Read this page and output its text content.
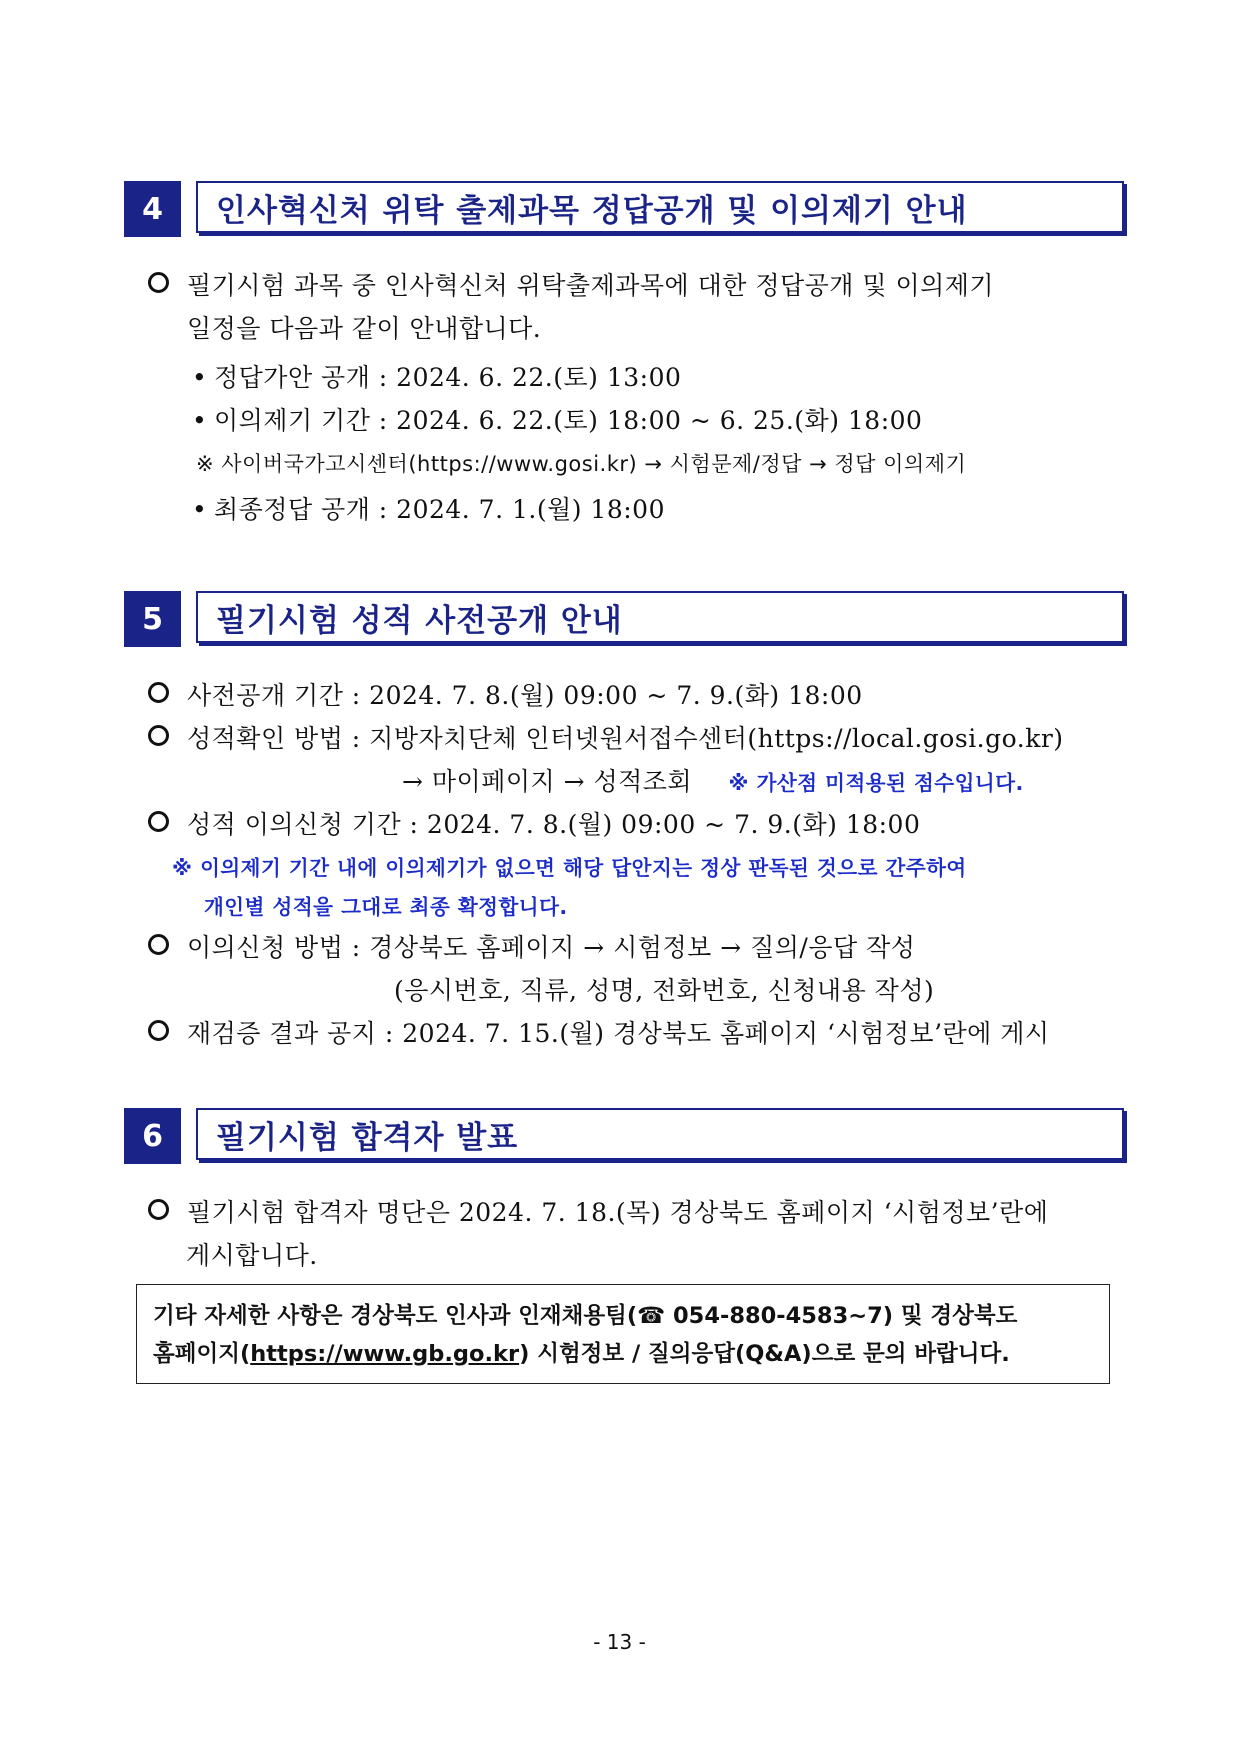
4	인사혁신처 위탁 출제과목 정답공개 및 이의제기 안내
필기시험 과목 중 인사혁신처 위탁출제과목에 대한 정답공개 및 이의제기
일정을 다음과 같이 안내합니다.
• 정답가안 공개 : 2024. 6. 22.(토) 13:00
• 이의제기 기간 : 2024. 6. 22.(토) 18:00 ~ 6. 25.(화) 18:00
※ 사이버국가고시센터(https://www.gosi.kr) → 시험문제/정답 → 정답 이의제기
• 최종정답 공개 : 2024. 7. 1.(월) 18:00
5	필기시험 성적 사전공개 안내
사전공개 기간 : 2024. 7. 8.(월) 09:00 ~ 7. 9.(화) 18:00
성적확인 방법 : 지방자치단체 인터넷원서접수센터(https://local.gosi.go.kr)
→ 마이페이지 → 성적조회 ※ 가산점 미적용된 점수입니다.
성적 이의신청 기간 : 2024. 7. 8.(월) 09:00 ~ 7. 9.(화) 18:00
※ 이의제기 기간 내에 이의제기가 없으면 해당 답안지는 정상 판독된 것으로 간주하여
개인별 성적을 그대로 최종 확정합니다.
이의신청 방법 : 경상북도 홈페이지 → 시험정보 → 질의/응답 작성
(응시번호, 직류, 성명, 전화번호, 신청내용 작성)
재검증 결과 공지 : 2024. 7. 15.(월) 경상북도 홈페이지 ‘시험정보’란에 게시
6	필기시험 합격자 발표
필기시험 합격자 명단은 2024. 7. 18.(목) 경상북도 홈페이지 ‘시험정보’란에
게시합니다.
기타 자세한 사항은 경상북도 인사과 인재채용팀(☎ 054-880-4583~7) 및 경상북도
홈페이지(https://www.gb.go.kr) 시험정보 / 질의응답(Q&A)으로 문의 바랍니다.
- 13 -
